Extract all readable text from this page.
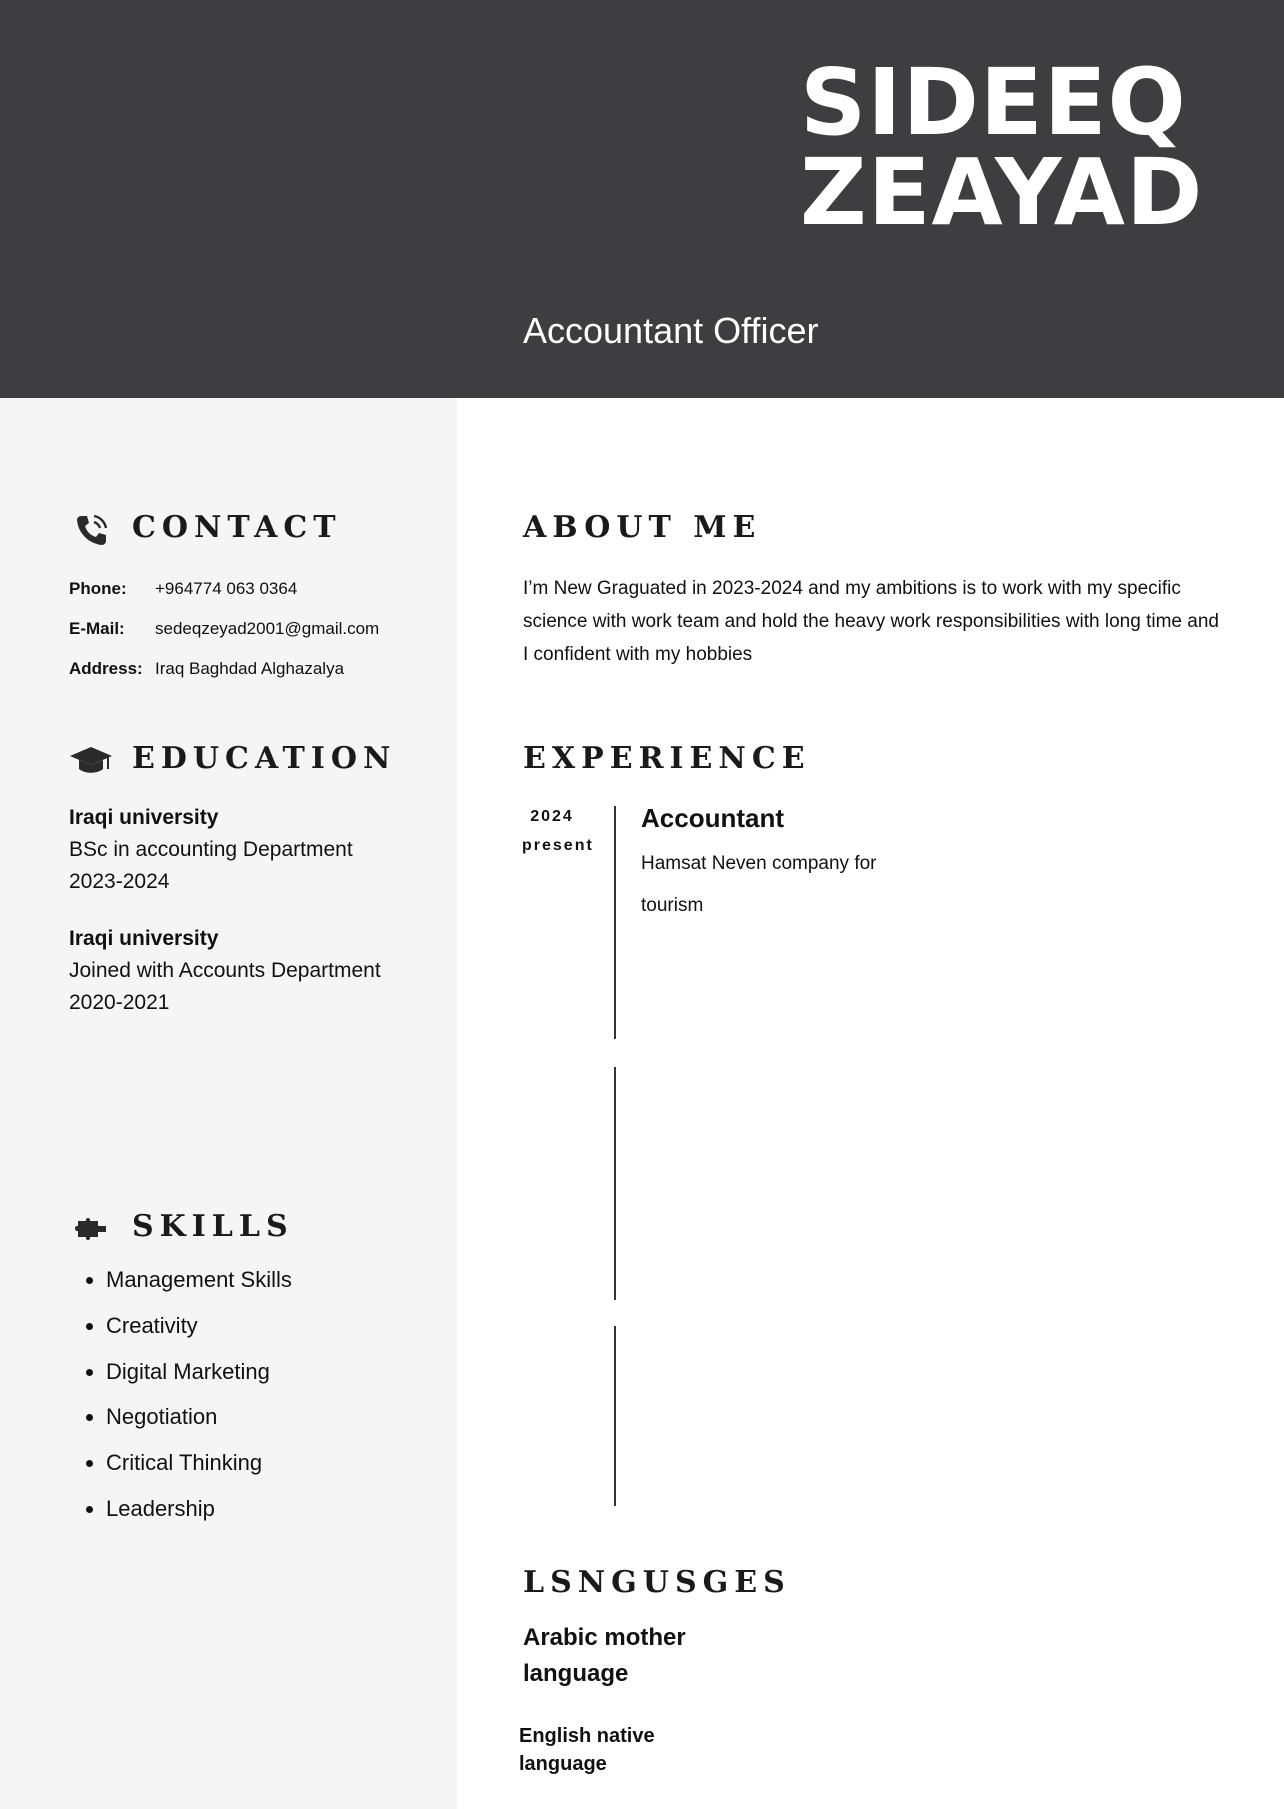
SIDEEQ
ZEAYAD

Accountant Officer

CONTACT
Phone: +964774 063 0364
E-Mail: sedeqzeyad2001@gmail.com
Address: Iraq Baghdad Alghazalya
EDUCATION
Iraqi university
BSc in accounting Department
2023-2024
Iraqi university
Joined with Accounts Department
2020-2021
SKILLS
• Management Skills
• Creativity
• Digital Marketing
• Negotiation
• Critical Thinking
• Leadership
ABOUT ME

I’m New Graguated in 2023-2024 and my ambitions is to work with my specific science with work team and hold the heavy work responsibilities with long time and I confident with my hobbies

EXPERIENCE
2024 present
Accountant
Hamsat Neven company for tourism
LSNGUSGES
Arabic mother language
English native language
